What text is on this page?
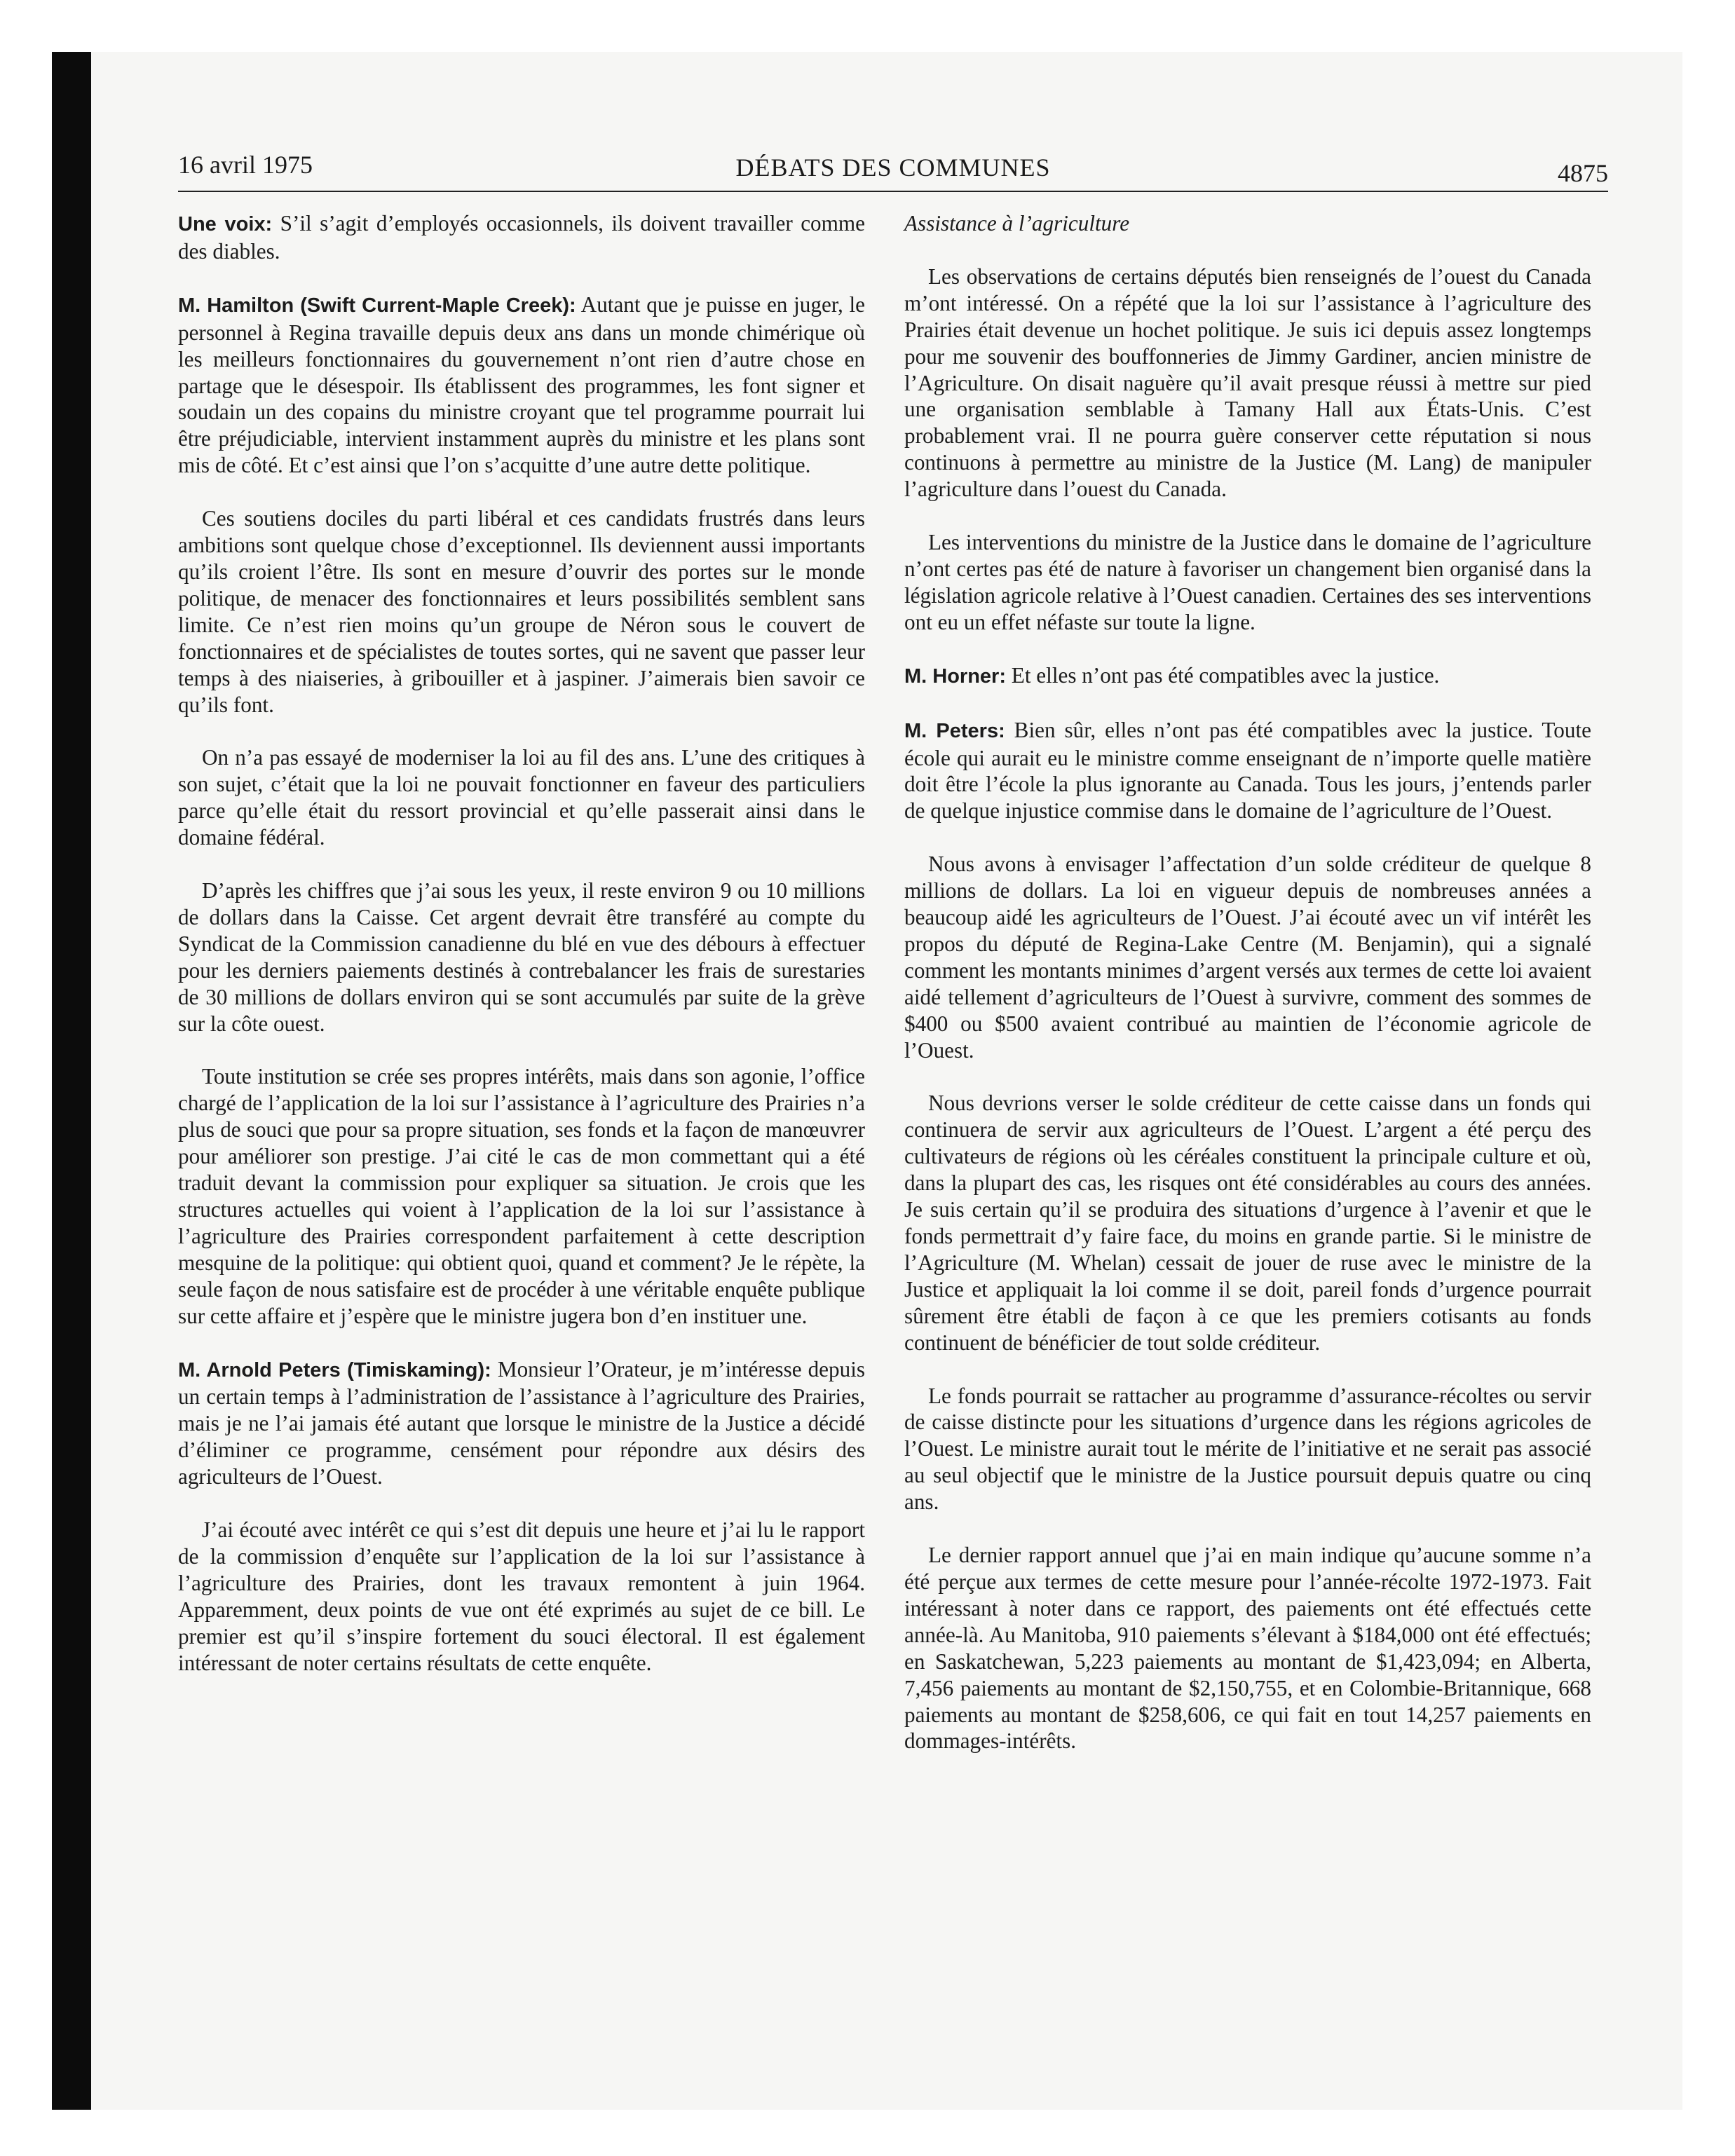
16 avril 1975	DÉBATS DES COMMUNES	4875

Une voix: S’il s’agit d’employés occasionnels, ils doivent travailler comme des diables.

M. Hamilton (Swift Current-Maple Creek): Autant que je puisse en juger, le personnel à Regina travaille depuis deux ans dans un monde chimérique où les meilleurs fonctionnaires du gouvernement n’ont rien d’autre chose en partage que le désespoir. Ils établissent des programmes, les font signer et soudain un des copains du ministre croyant que tel programme pourrait lui être préjudiciable, intervient instamment auprès du ministre et les plans sont mis de côté. Et c’est ainsi que l’on s’acquitte d’une autre dette politique.

Ces soutiens dociles du parti libéral et ces candidats frustrés dans leurs ambitions sont quelque chose d’exceptionnel. Ils deviennent aussi importants qu’ils croient l’être. Ils sont en mesure d’ouvrir des portes sur le monde politique, de menacer des fonctionnaires et leurs possibilités semblent sans limite. Ce n’est rien moins qu’un groupe de Néron sous le couvert de fonctionnaires et de spécialistes de toutes sortes, qui ne savent que passer leur temps à des niaiseries, à gribouiller et à jaspiner. J’aimerais bien savoir ce qu’ils font.

On n’a pas essayé de moderniser la loi au fil des ans. L’une des critiques à son sujet, c’était que la loi ne pouvait fonctionner en faveur des particuliers parce qu’elle était du ressort provincial et qu’elle passerait ainsi dans le domaine fédéral.

D’après les chiffres que j’ai sous les yeux, il reste environ 9 ou 10 millions de dollars dans la Caisse. Cet argent devrait être transféré au compte du Syndicat de la Commission canadienne du blé en vue des débours à effectuer pour les derniers paiements destinés à contrebalancer les frais de surestaries de 30 millions de dollars environ qui se sont accumulés par suite de la grève sur la côte ouest.

Toute institution se crée ses propres intérêts, mais dans son agonie, l’office chargé de l’application de la loi sur l’assistance à l’agriculture des Prairies n’a plus de souci que pour sa propre situation, ses fonds et la façon de manœuvrer pour améliorer son prestige. J’ai cité le cas de mon commettant qui a été traduit devant la commission pour expliquer sa situation. Je crois que les structures actuelles qui voient à l’application de la loi sur l’assistance à l’agriculture des Prairies correspondent parfaitement à cette description mesquine de la politique: qui obtient quoi, quand et comment? Je le répète, la seule façon de nous satisfaire est de procéder à une véritable enquête publique sur cette affaire et j’espère que le ministre jugera bon d’en instituer une.

M. Arnold Peters (Timiskaming): Monsieur l’Orateur, je m’intéresse depuis un certain temps à l’administration de l’assistance à l’agriculture des Prairies, mais je ne l’ai jamais été autant que lorsque le ministre de la Justice a décidé d’éliminer ce programme, censément pour répondre aux désirs des agriculteurs de l’Ouest.

J’ai écouté avec intérêt ce qui s’est dit depuis une heure et j’ai lu le rapport de la commission d’enquête sur l’application de la loi sur l’assistance à l’agriculture des Prairies, dont les travaux remontent à juin 1964. Apparemment, deux points de vue ont été exprimés au sujet de ce bill. Le premier est qu’il s’inspire fortement du souci électoral. Il est également intéressant de noter certains résultats de cette enquête.

Assistance à l’agriculture

Les observations de certains députés bien renseignés de l’ouest du Canada m’ont intéressé. On a répété que la loi sur l’assistance à l’agriculture des Prairies était devenue un hochet politique. Je suis ici depuis assez longtemps pour me souvenir des bouffonneries de Jimmy Gardiner, ancien ministre de l’Agriculture. On disait naguère qu’il avait presque réussi à mettre sur pied une organisation semblable à Tamany Hall aux États-Unis. C’est probablement vrai. Il ne pourra guère conserver cette réputation si nous continuons à permettre au ministre de la Justice (M. Lang) de manipuler l’agriculture dans l’ouest du Canada.

Les interventions du ministre de la Justice dans le domaine de l’agriculture n’ont certes pas été de nature à favoriser un changement bien organisé dans la législation agricole relative à l’Ouest canadien. Certaines des ses interventions ont eu un effet néfaste sur toute la ligne.

M. Horner: Et elles n’ont pas été compatibles avec la justice.

M. Peters: Bien sûr, elles n’ont pas été compatibles avec la justice. Toute école qui aurait eu le ministre comme enseignant de n’importe quelle matière doit être l’école la plus ignorante au Canada. Tous les jours, j’entends parler de quelque injustice commise dans le domaine de l’agriculture de l’Ouest.

Nous avons à envisager l’affectation d’un solde créditeur de quelque 8 millions de dollars. La loi en vigueur depuis de nombreuses années a beaucoup aidé les agriculteurs de l’Ouest. J’ai écouté avec un vif intérêt les propos du député de Regina-Lake Centre (M. Benjamin), qui a signalé comment les montants minimes d’argent versés aux termes de cette loi avaient aidé tellement d’agriculteurs de l’Ouest à survivre, comment des sommes de $400 ou $500 avaient contribué au maintien de l’économie agricole de l’Ouest.

Nous devrions verser le solde créditeur de cette caisse dans un fonds qui continuera de servir aux agriculteurs de l’Ouest. L’argent a été perçu des cultivateurs de régions où les céréales constituent la principale culture et où, dans la plupart des cas, les risques ont été considérables au cours des années. Je suis certain qu’il se produira des situations d’urgence à l’avenir et que le fonds permettrait d’y faire face, du moins en grande partie. Si le ministre de l’Agriculture (M. Whelan) cessait de jouer de ruse avec le ministre de la Justice et appliquait la loi comme il se doit, pareil fonds d’urgence pourrait sûrement être établi de façon à ce que les premiers cotisants au fonds continuent de bénéficier de tout solde créditeur.

Le fonds pourrait se rattacher au programme d’assurance-récoltes ou servir de caisse distincte pour les situations d’urgence dans les régions agricoles de l’Ouest. Le ministre aurait tout le mérite de l’initiative et ne serait pas associé au seul objectif que le ministre de la Justice poursuit depuis quatre ou cinq ans.

Le dernier rapport annuel que j’ai en main indique qu’aucune somme n’a été perçue aux termes de cette mesure pour l’année-récolte 1972-1973. Fait intéressant à noter dans ce rapport, des paiements ont été effectués cette année-là. Au Manitoba, 910 paiements s’élevant à $184,000 ont été effectués; en Saskatchewan, 5,223 paiements au montant de $1,423,094; en Alberta, 7,456 paiements au montant de $2,150,755, et en Colombie-Britannique, 668 paiements au montant de $258,606, ce qui fait en tout 14,257 paiements en dommages-intérêts.
